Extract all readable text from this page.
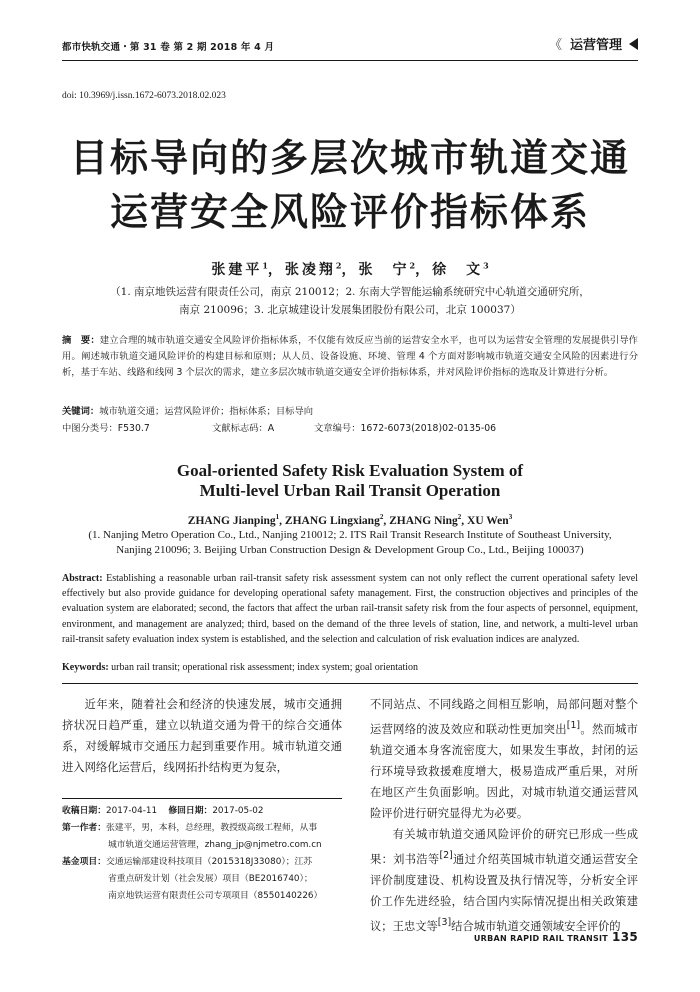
都市快轨交通・第 31 卷 第 2 期 2018 年 4 月	《 运营管理
doi: 10.3969/j.issn.1672-6073.2018.02.023
目标导向的多层次城市轨道交通
运营安全风险评价指标体系
张建平$^1$，张凌翔$^2$，张　宁$^2$，徐　文$^3$
（1. 南京地铁运营有限责任公司，南京 210012；2. 东南大学智能运输系统研究中心轨道交通研究所，
南京 210096；3. 北京城建设计发展集团股份有限公司，北京 100037）
摘　要：建立合理的城市轨道交通安全风险评价指标体系，不仅能有效反应当前的运营安全水平，也可以为运营安全管理的发展提供引导作用。阐述城市轨道交通风险评价的构建目标和原则；从人员、设备设施、环境、管理 4 个方面对影响城市轨道交通安全风险的因素进行分析，基于车站、线路和线网 3 个层次的需求，建立多层次城市轨道交通安全评价指标体系，并对风险评价指标的选取及计算进行分析。
关键词：城市轨道交通；运营风险评价；指标体系；目标导向
中图分类号：F530.7	文献标志码：A	文章编号：1672-6073(2018)02-0135-06
Goal-oriented Safety Risk Evaluation System of
Multi-level Urban Rail Transit Operation
ZHANG Jianping$^1$, ZHANG Lingxiang$^2$, ZHANG Ning$^2$, XU Wen$^3$
(1. Nanjing Metro Operation Co., Ltd., Nanjing 210012; 2. ITS Rail Transit Research Institute of Southeast University,
Nanjing 210096; 3. Beijing Urban Construction Design & Development Group Co., Ltd., Beijing 100037)
Abstract: Establishing a reasonable urban rail-transit safety risk assessment system can not only reflect the current operational safety level effectively but also provide guidance for developing operational safety management. First, the construction objectives and principles of the evaluation system are elaborated; second, the factors that affect the urban rail-transit safety risk from the four aspects of personnel, equipment, environment, and management are analyzed; third, based on the demand of the three levels of station, line, and network, a multi-level urban rail-transit safety evaluation index system is established, and the selection and calculation of risk evaluation indices are analyzed.
Keywords: urban rail transit; operational risk assessment; index system; goal orientation

近年来，随着社会和经济的快速发展，城市交通拥挤状况日趋严重，建立以轨道交通为骨干的综合交通体系，对缓解城市交通压力起到重要作用。城市轨道交通进入网络化运营后，线网拓扑结构更为复杂，

不同站点、不同线路之间相互影响，局部问题对整个运营网络的波及效应和联动性更加突出[1]。然而城市轨道交通本身客流密度大，如果发生事故，封闭的运行环境导致救援难度增大，极易造成严重后果，对所在地区产生负面影响。因此，对城市轨道交通运营风险评价进行研究显得尤为必要。

有关城市轨道交通风险评价的研究已形成一些成果：刘书浩等[2]通过介绍英国城市轨道交通运营安全评价制度建设、机构设置及执行情况等，分析安全评价工作先进经验，结合国内实际情况提出相关政策建议；王忠文等[3]结合城市轨道交通领域安全评价的

收稿日期： 2017-04-11
修回日期： 2017-05-02
第一作者： 张建平，男，本科，总经理，教授级高级工程师，从事
城市轨道交通运营管理，zhang_jp@njmetro.com.cn
基金项目： 交通运输部建设科技项目（2015318J33080）；江苏
省重点研发计划（社会发展）项目（BE2016740）；
南京地铁运营有限责任公司专项项目（8550140226）
URBAN RAPID RAIL TRANSIT 135
